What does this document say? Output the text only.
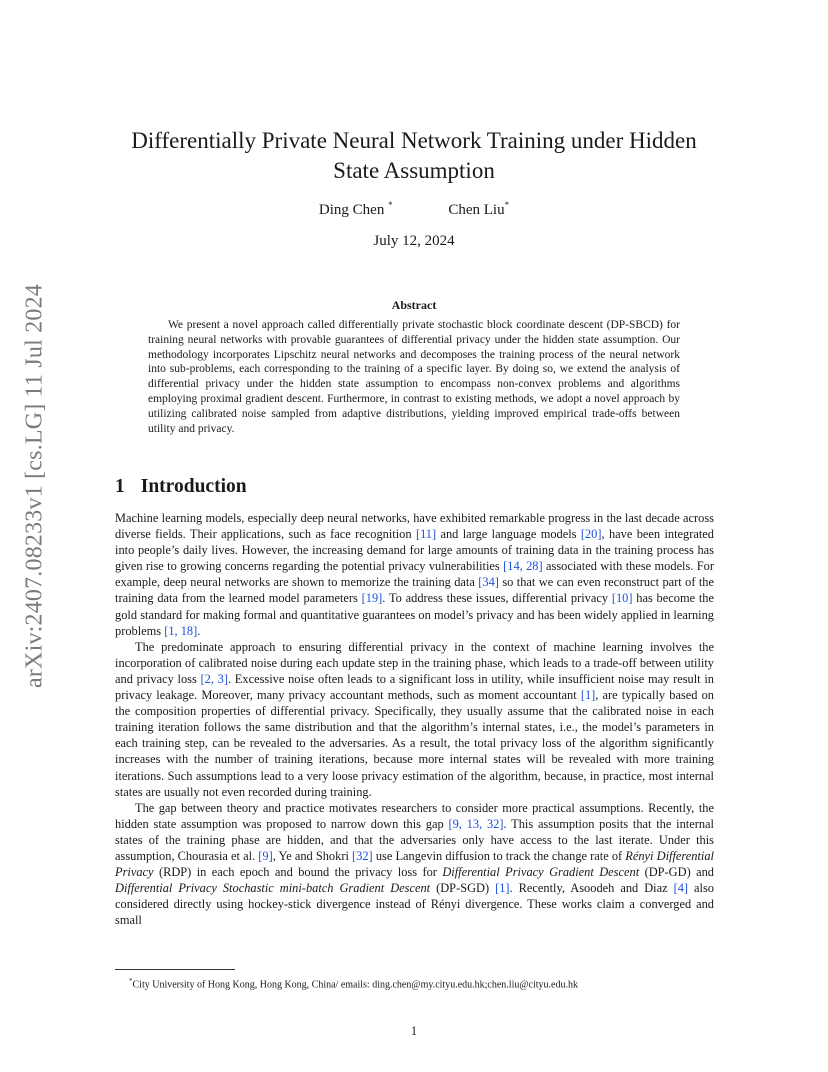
arXiv:2407.08233v1 [cs.LG] 11 Jul 2024
Differentially Private Neural Network Training under Hidden State Assumption
Ding Chen *	Chen Liu*
July 12, 2024
Abstract

We present a novel approach called differentially private stochastic block coordinate descent (DP-SBCD) for training neural networks with provable guarantees of differential privacy under the hidden state assumption. Our methodology incorporates Lipschitz neural networks and decomposes the training process of the neural network into sub-problems, each corresponding to the training of a specific layer. By doing so, we extend the analysis of differential privacy under the hidden state assumption to encompass non-convex problems and algorithms employing proximal gradient descent. Furthermore, in contrast to existing methods, we adopt a novel approach by utilizing calibrated noise sampled from adaptive distributions, yielding improved empirical trade-offs between utility and privacy.

1 Introduction

Machine learning models, especially deep neural networks, have exhibited remarkable progress in the last decade across diverse fields. Their applications, such as face recognition [11] and large language models [20], have been integrated into people’s daily lives. However, the increasing demand for large amounts of training data in the training process has given rise to growing concerns regarding the potential privacy vulnerabilities [14, 28] associated with these models. For example, deep neural networks are shown to memorize the training data [34] so that we can even reconstruct part of the training data from the learned model parameters [19]. To address these issues, differential privacy [10] has become the gold standard for making formal and quantitative guarantees on model’s privacy and has been widely applied in learning problems [1, 18].

The predominate approach to ensuring differential privacy in the context of machine learning involves the incorporation of calibrated noise during each update step in the training phase, which leads to a trade-off between utility and privacy loss [2, 3]. Excessive noise often leads to a significant loss in utility, while insufficient noise may result in privacy leakage. Moreover, many privacy accountant methods, such as moment accountant [1], are typically based on the composition properties of differential privacy. Specifically, they usually assume that the calibrated noise in each training iteration follows the same distribution and that the algorithm’s internal states, i.e., the model’s parameters in each training step, can be revealed to the adversaries. As a result, the total privacy loss of the algorithm significantly increases with the number of training iterations, because more internal states will be revealed with more training iterations. Such assumptions lead to a very loose privacy estimation of the algorithm, because, in practice, most internal states are usually not even recorded during training.

The gap between theory and practice motivates researchers to consider more practical assumptions. Recently, the hidden state assumption was proposed to narrow down this gap [9, 13, 32]. This assumption posits that the internal states of the training phase are hidden, and that the adversaries only have access to the last iterate. Under this assumption, Chourasia et al. [9], Ye and Shokri [32] use Langevin diffusion to track the change rate of Rényi Differential Privacy (RDP) in each epoch and bound the privacy loss for Differential Privacy Gradient Descent (DP-GD) and Differential Privacy Stochastic mini-batch Gradient Descent (DP-SGD) [1]. Recently, Asoodeh and Diaz [4] also considered directly using hockey-stick divergence instead of Rényi divergence. These works claim a converged and small

*City University of Hong Kong, Hong Kong, China/ emails: ding.chen@my.cityu.edu.hk;chen.liu@cityu.edu.hk
1
